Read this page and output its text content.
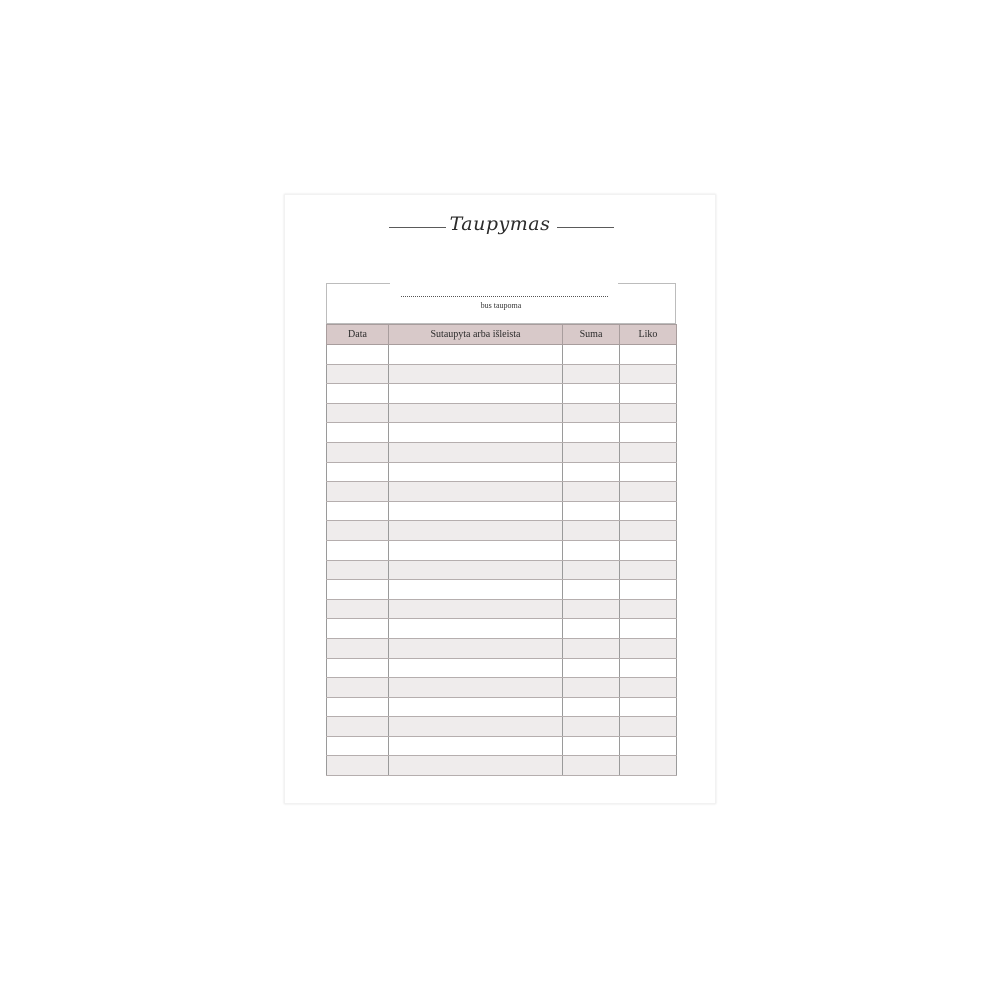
Taupymas
bus taupoma
Data	Sutaupyta arba išleista	Suma	Liko
